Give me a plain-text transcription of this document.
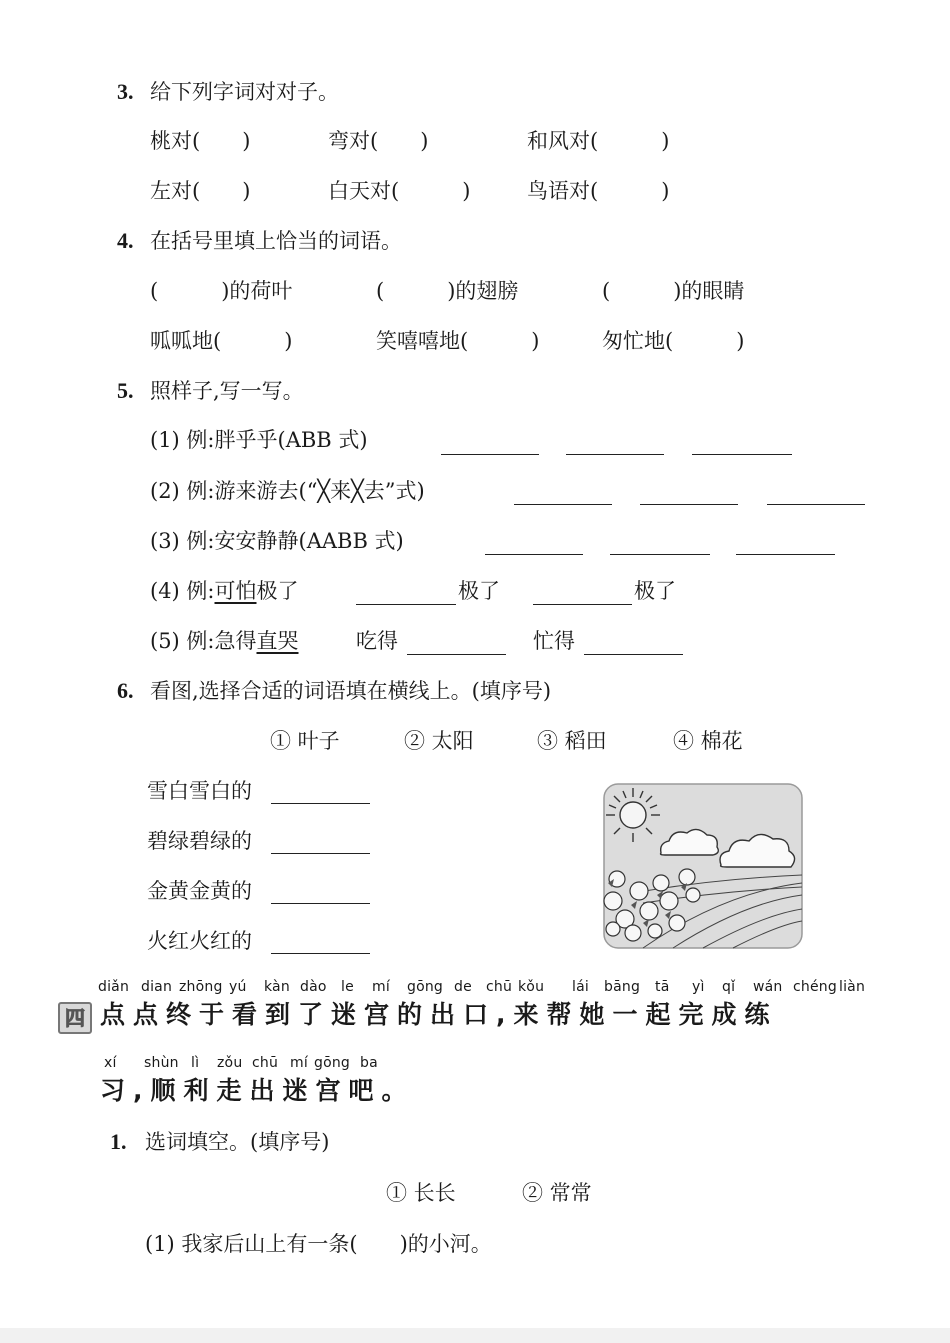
3. 给下列字词对对子。
桃对(　　)	弯对(　　)	和风对(　　　)
左对(　　)	白天对(　　　)	鸟语对(　　　)
4. 在括号里填上恰当的词语。
(　　　)的荷叶	(　　　)的翅膀	(　　　)的眼睛
呱呱地(　　　)	笑嘻嘻地(　　　)	匆忙地(　　　)
5. 照样子,写一写。
(1) 例:胖乎乎(ABB 式)
(2) 例:游来游去(“╳来╳去”式)
(3) 例:安安静静(AABB 式)
(4) 例:可怕极了	极了	极了
(5) 例:急得直哭	吃得	忙得
6. 看图,选择合适的词语填在横线上。(填序号)
① 叶子	② 太阳	③ 稻田	④ 棉花
雪白雪白的
碧绿碧绿的
金黄金黄的
火红火红的
四
diǎn dian zhōng yú kàn dào le mí gōng de chū kǒu lái bāng tā yì qǐ wán chéng liàn
点点终于看到了迷宫的出口,来帮她一起完成练
xí shùn lì zǒu chū mí gōng ba
习,顺利走出迷宫吧。
1. 选词填空。(填序号)
① 长长	② 常常
(1) 我家后山上有一条(　　)的小河。
